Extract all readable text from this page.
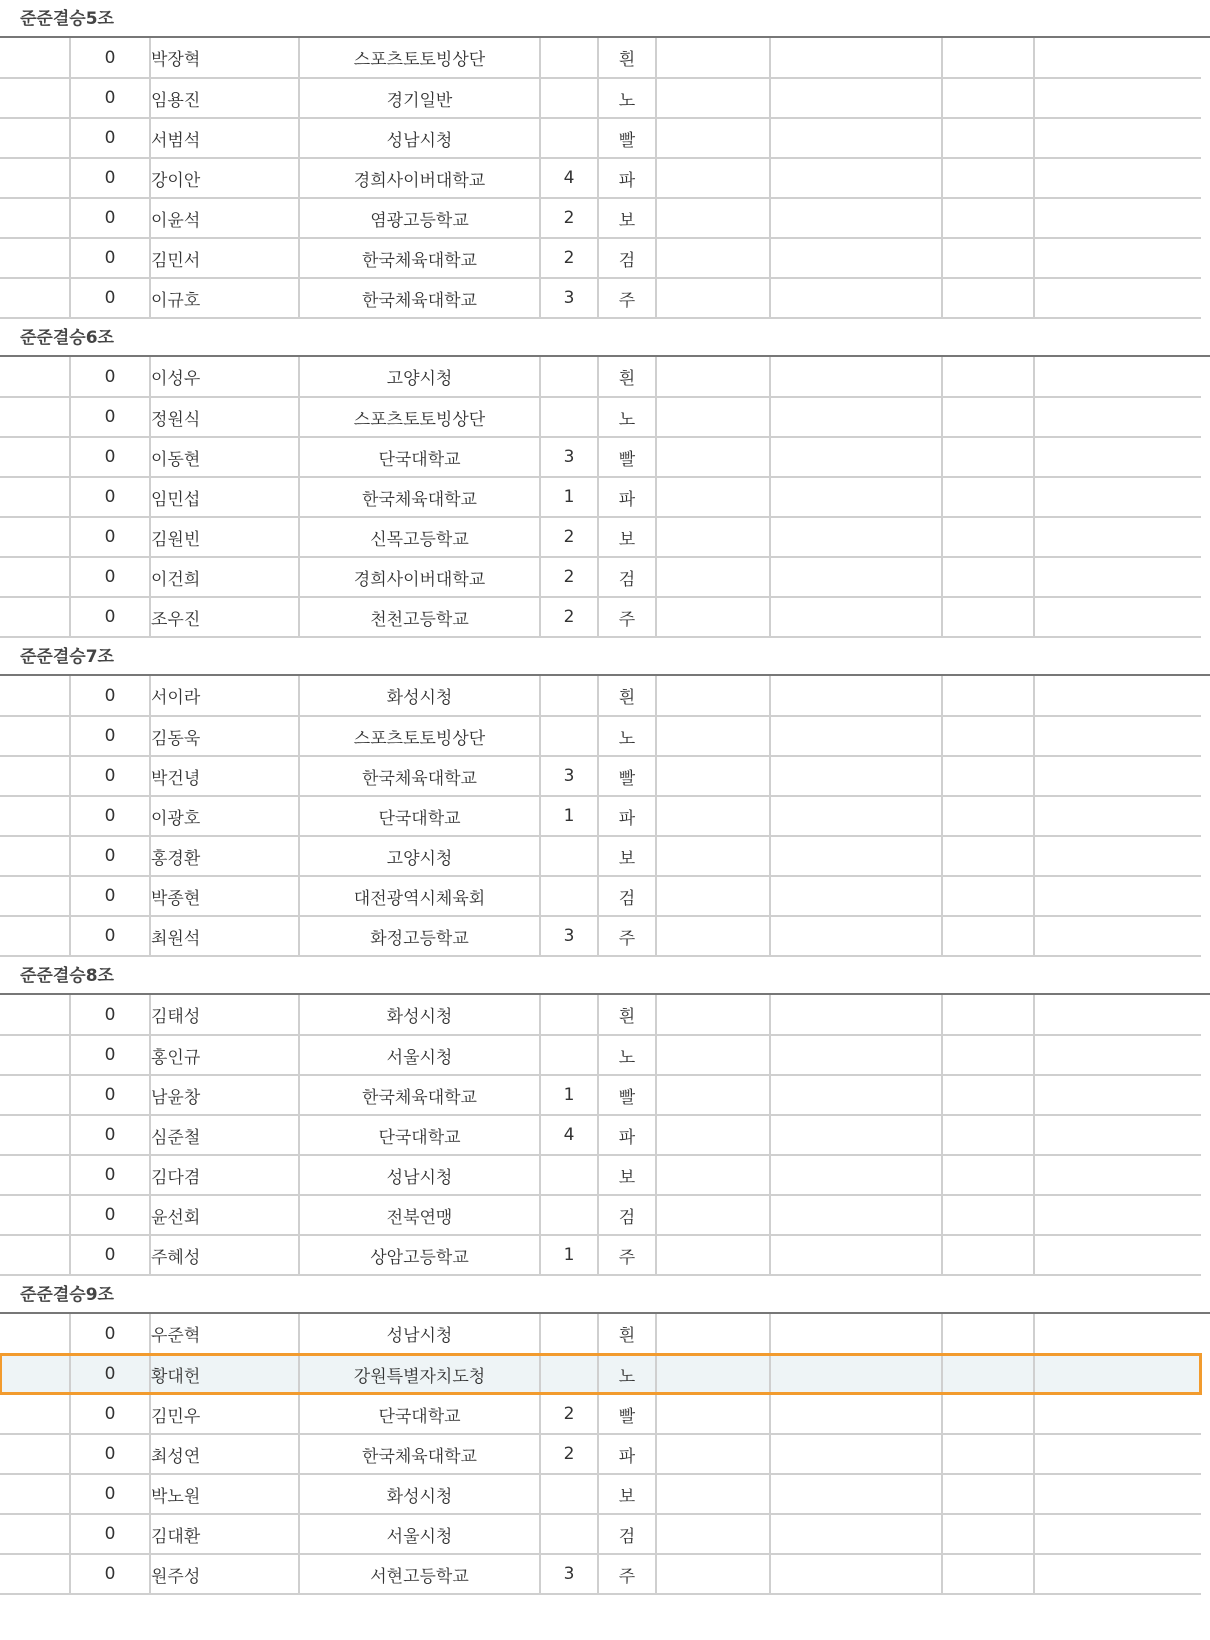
준준결승5조
	0	박장혁	스포츠토토빙상단		흰				
	0	임용진	경기일반		노				
	0	서범석	성남시청		빨				
	0	강이안	경희사이버대학교	4	파				
	0	이윤석	염광고등학교	2	보				
	0	김민서	한국체육대학교	2	검				
	0	이규호	한국체육대학교	3	주				
준준결승6조
	0	이성우	고양시청		흰				
	0	정원식	스포츠토토빙상단		노				
	0	이동현	단국대학교	3	빨				
	0	임민섭	한국체육대학교	1	파				
	0	김원빈	신목고등학교	2	보				
	0	이건희	경희사이버대학교	2	검				
	0	조우진	천천고등학교	2	주				
준준결승7조
	0	서이라	화성시청		흰				
	0	김동욱	스포츠토토빙상단		노				
	0	박건녕	한국체육대학교	3	빨				
	0	이광호	단국대학교	1	파				
	0	홍경환	고양시청		보				
	0	박종현	대전광역시체육회		검				
	0	최원석	화정고등학교	3	주				
준준결승8조
	0	김태성	화성시청		흰				
	0	홍인규	서울시청		노				
	0	남윤창	한국체육대학교	1	빨				
	0	심준철	단국대학교	4	파				
	0	김다겸	성남시청		보				
	0	윤선회	전북연맹		검				
	0	주혜성	상암고등학교	1	주				
준준결승9조
	0	우준혁	성남시청		흰				
	0	황대헌	강원특별자치도청		노				
	0	김민우	단국대학교	2	빨				
	0	최성연	한국체육대학교	2	파				
	0	박노원	화성시청		보				
	0	김대환	서울시청		검				
	0	원주성	서현고등학교	3	주				
